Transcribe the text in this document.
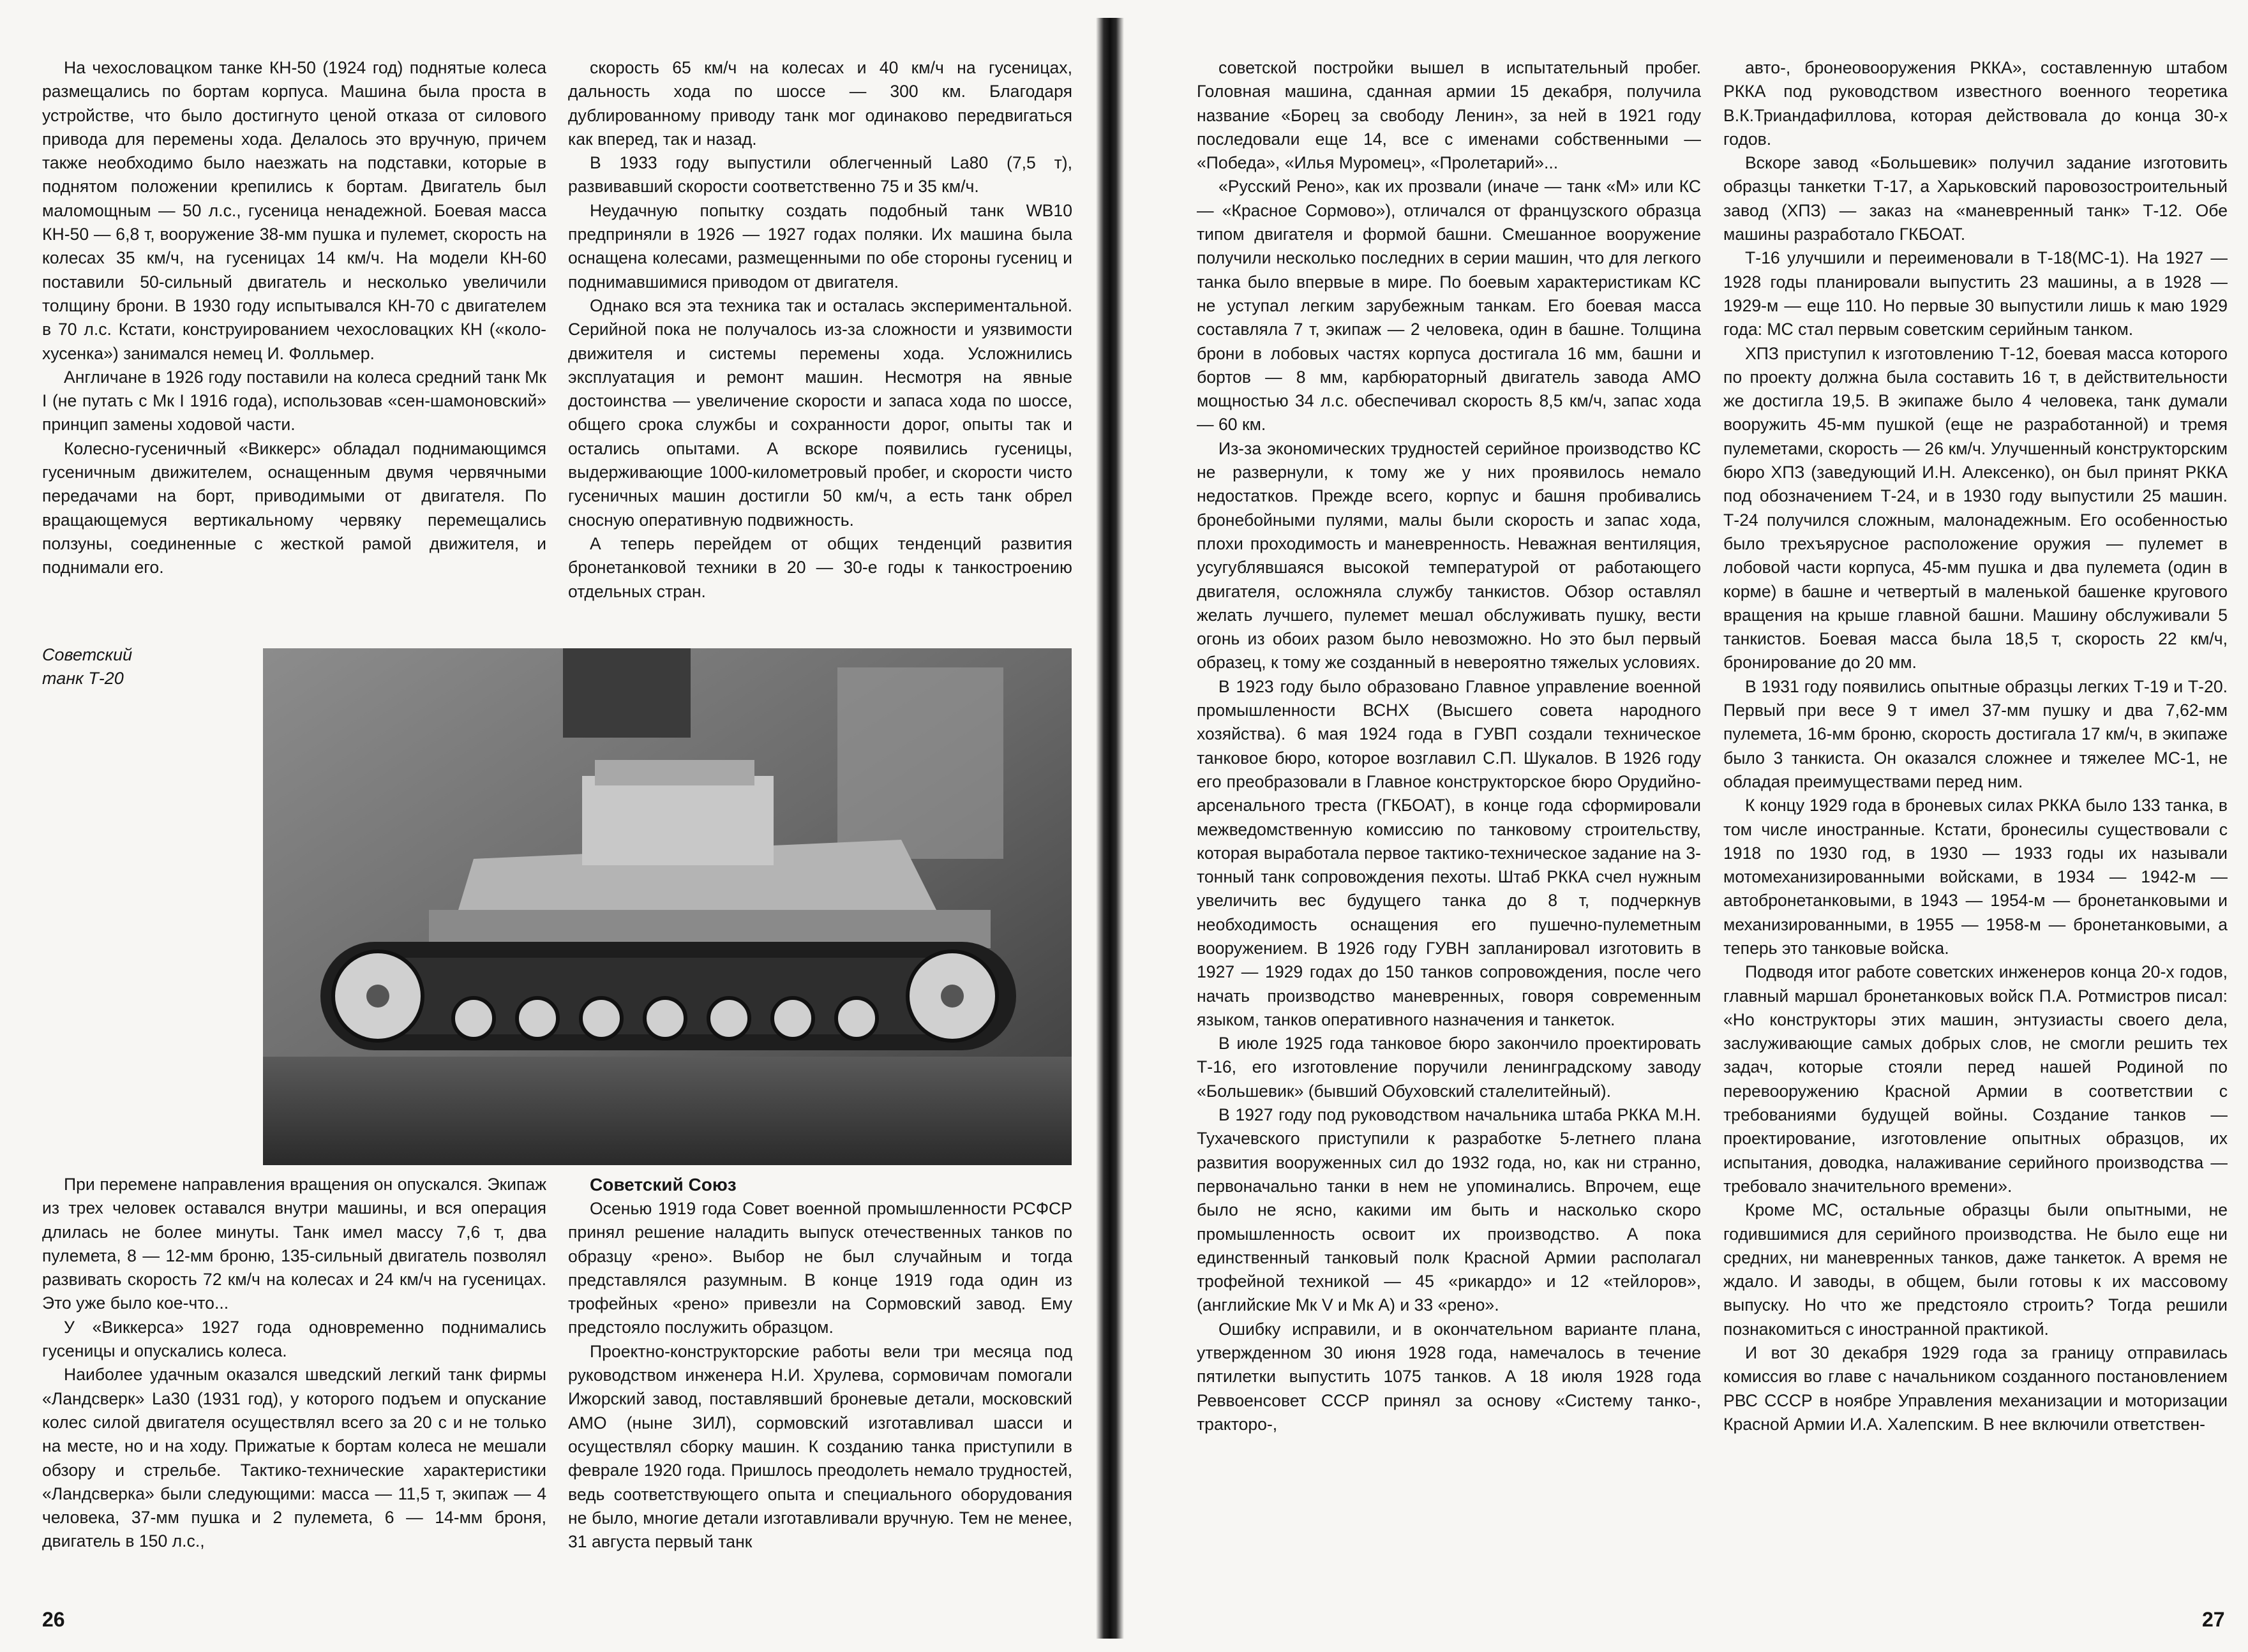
На чехословацком танке КН-50 (1924 год) поднятые колеса размещались по бортам корпуса. Машина была проста в устройстве, что было достигнуто ценой отказа от силового привода для перемены хода. Делалось это вручную, причем также необходимо было наезжать на подставки, которые в поднятом положении крепились к бортам. Двигатель был маломощным — 50 л.с., гусеница ненадежной. Боевая масса КН-50 — 6,8 т, вооружение 38-мм пушка и пулемет, скорость на колесах 35 км/ч, на гусеницах 14 км/ч. На модели КН-60 поставили 50-сильный двигатель и несколько увеличили толщину брони. В 1930 году испытывался КН-70 с двигателем в 70 л.с. Кстати, конструированием чехословацких КН («коло-хусенка») занимался немец И. Фолльмер.

Англичане в 1926 году поставили на колеса средний танк Мк I (не путать с Мк I 1916 года), использовав «сен-шамоновский» принцип замены ходовой части.

Колесно-гусеничный «Виккерс» обладал поднимающимся гусеничным движителем, оснащенным двумя червячными передачами на борт, приводимыми от двигателя. По вращающемуся вертикальному червяку перемещались ползуны, соединенные с жесткой рамой движителя, и поднимали его.

скорость 65 км/ч на колесах и 40 км/ч на гусеницах, дальность хода по шоссе — 300 км. Благодаря дублированному приводу танк мог одинаково передвигаться как вперед, так и назад.

В 1933 году выпустили облегченный La80 (7,5 т), развивавший скорости соответственно 75 и 35 км/ч.

Неудачную попытку создать подобный танк WB10 предприняли в 1926 — 1927 годах поляки. Их машина была оснащена колесами, размещенными по обе стороны гусениц и поднимавшимися приводом от двигателя.

Однако вся эта техника так и осталась экспериментальной. Серийной пока не получалось из-за сложности и уязвимости движителя и системы перемены хода. Усложнились эксплуатация и ремонт машин. Несмотря на явные достоинства — увеличение скорости и запаса хода по шоссе, общего срока службы и сохранности дорог, опыты так и остались опытами. А вскоре появились гусеницы, выдерживающие 1000-километровый пробег, и скорости чисто гусеничных машин достигли 50 км/ч, а есть танк обрел сносную оперативную подвижность.

А теперь перейдем от общих тенденций развития бронетанковой техники в 20 — 30-е годы к танкостроению отдельных стран.

Советский танк Т-20

При перемене направления вращения он опускался. Экипаж из трех человек оставался внутри машины, и вся операция длилась не более минуты. Танк имел массу 7,6 т, два пулемета, 8 — 12-мм броню, 135-сильный двигатель позволял развивать скорость 72 км/ч на колесах и 24 км/ч на гусеницах. Это уже было кое-что...

У «Виккерса» 1927 года одновременно поднимались гусеницы и опускались колеса.

Наиболее удачным оказался шведский легкий танк фирмы «Ландсверк» La30 (1931 год), у которого подъем и опускание колес силой двигателя осуществлял всего за 20 с и не только на месте, но и на ходу. Прижатые к бортам колеса не мешали обзору и стрельбе. Тактико-технические характеристики «Ландсверка» были следующими: масса — 11,5 т, экипаж — 4 человека, 37-мм пушка и 2 пулемета, 6 — 14-мм броня, двигатель в 150 л.с.,

Советский Союз

Осенью 1919 года Совет военной промышленности РСФСР принял решение наладить выпуск отечественных танков по образцу «рено». Выбор не был случайным и тогда представлялся разумным. В конце 1919 года один из трофейных «рено» привезли на Сормовский завод. Ему предстояло послужить образцом.

Проектно-конструкторские работы вели три месяца под руководством инженера Н.И. Хрулева, сормовичам помогали Ижорский завод, поставлявший броневые детали, московский АМО (ныне ЗИЛ), сормовский изготавливал шасси и осуществлял сборку машин. К созданию танка приступили в феврале 1920 года. Пришлось преодолеть немало трудностей, ведь соответствующего опыта и специального оборудования не было, многие детали изготавливали вручную. Тем не менее, 31 августа первый танк

26

советской постройки вышел в испытательный пробег. Головная машина, сданная армии 15 декабря, получила название «Борец за свободу Ленин», за ней в 1921 году последовали еще 14, все с именами собственными — «Победа», «Илья Муромец», «Пролетарий»...

«Русский Рено», как их прозвали (иначе — танк «М» или КС — «Красное Сормово»), отличался от французского образца типом двигателя и формой башни. Смешанное вооружение получили несколько последних в серии машин, что для легкого танка было впервые в мире. По боевым характеристикам КС не уступал легким зарубежным танкам. Его боевая масса составляла 7 т, экипаж — 2 человека, один в башне. Толщина брони в лобовых частях корпуса достигала 16 мм, башни и бортов — 8 мм, карбюраторный двигатель завода АМО мощностью 34 л.с. обеспечивал скорость 8,5 км/ч, запас хода — 60 км.

Из-за экономических трудностей серийное производство КС не развернули, к тому же у них проявилось немало недостатков. Прежде всего, корпус и башня пробивались бронебойными пулями, малы были скорость и запас хода, плохи проходимость и маневренность. Неважная вентиляция, усугублявшаяся высокой температурой от работающего двигателя, осложняла службу танкистов. Обзор оставлял желать лучшего, пулемет мешал обслуживать пушку, вести огонь из обоих разом было невозможно. Но это был первый образец, к тому же созданный в невероятно тяжелых условиях.

В 1923 году было образовано Главное управление военной промышленности ВСНХ (Высшего совета народного хозяйства). 6 мая 1924 года в ГУВП создали техническое танковое бюро, которое возглавил С.П. Шукалов. В 1926 году его преобразовали в Главное конструкторское бюро Орудийно-арсенального треста (ГКБОАТ), в конце года сформировали межведомственную комиссию по танковому строительству, которая выработала первое тактико-техническое задание на 3-тонный танк сопровождения пехоты. Штаб РККА счел нужным увеличить вес будущего танка до 8 т, подчеркнув необходимость оснащения его пушечно-пулеметным вооружением. В 1926 году ГУВН запланировал изготовить в 1927 — 1929 годах до 150 танков сопровождения, после чего начать производство маневренных, говоря современным языком, танков оперативного назначения и танкеток.

В июле 1925 года танковое бюро закончило проектировать Т-16, его изготовление поручили ленинградскому заводу «Большевик» (бывший Обуховский сталелитейный).

В 1927 году под руководством начальника штаба РККА М.Н. Тухачевского приступили к разработке 5-летнего плана развития вооруженных сил до 1932 года, но, как ни странно, первоначально танки в нем не упоминались. Впрочем, еще было не ясно, какими им быть и насколько скоро промышленность освоит их производство. А пока единственный танковый полк Красной Армии располагал трофейной техникой — 45 «рикардо» и 12 «тейлоров», (английские Мк V и Мк А) и 33 «рено».

Ошибку исправили, и в окончательном варианте плана, утвержденном 30 июня 1928 года, намечалось в течение пятилетки выпустить 1075 танков. А 18 июля 1928 года Реввоенсовет СССР принял за основу «Систему танко-, тракторо-,

авто-, бронеовооружения РККА», составленную штабом РККА под руководством известного военного теоретика В.К.Триандафиллова, которая действовала до конца 30-х годов.

Вскоре завод «Большевик» получил задание изготовить образцы танкетки Т-17, а Харьковский паровозостроительный завод (ХПЗ) — заказ на «маневренный танк» Т-12. Обе машины разработало ГКБОАТ.

Т-16 улучшили и переименовали в Т-18(МС-1). На 1927 — 1928 годы планировали выпустить 23 машины, а в 1928 — 1929-м — еще 110. Но первые 30 выпустили лишь к маю 1929 года: МС стал первым советским серийным танком.

ХПЗ приступил к изготовлению Т-12, боевая масса которого по проекту должна была составить 16 т, в действительности же достигла 19,5. В экипаже было 4 человека, танк думали вооружить 45-мм пушкой (еще не разработанной) и тремя пулеметами, скорость — 26 км/ч. Улучшенный конструкторским бюро ХПЗ (заведующий И.Н. Алексенко), он был принят РККА под обозначением Т-24, и в 1930 году выпустили 25 машин. Т-24 получился сложным, малонадежным. Его особенностью было трехъярусное расположение оружия — пулемет в лобовой части корпуса, 45-мм пушка и два пулемета (один в корме) в башне и четвертый в маленькой башенке кругового вращения на крыше главной башни. Машину обслуживали 5 танкистов. Боевая масса была 18,5 т, скорость 22 км/ч, бронирование до 20 мм.

В 1931 году появились опытные образцы легких Т-19 и Т-20. Первый при весе 9 т имел 37-мм пушку и два 7,62-мм пулемета, 16-мм броню, скорость достигала 17 км/ч, в экипаже было 3 танкиста. Он оказался сложнее и тяжелее МС-1, не обладая преимуществами перед ним.

К концу 1929 года в броневых силах РККА было 133 танка, в том числе иностранные. Кстати, бронесилы существовали с 1918 по 1930 год, в 1930 — 1933 годы их называли мотомеханизированными войсками, в 1934 — 1942-м — автобронетанковыми, в 1943 — 1954-м — бронетанковыми и механизированными, в 1955 — 1958-м — бронетанковыми, а теперь это танковые войска.

Подводя итог работе советских инженеров конца 20-х годов, главный маршал бронетанковых войск П.А. Ротмистров писал: «Но конструкторы этих машин, энтузиасты своего дела, заслуживающие самых добрых слов, не смогли решить тех задач, которые стояли перед нашей Родиной по перевооружению Красной Армии в соответствии с требованиями будущей войны. Создание танков — проектирование, изготовление опытных образцов, их испытания, доводка, налаживание серийного производства — требовало значительного времени».

Кроме МС, остальные образцы были опытными, не годившимися для серийного производства. Не было еще ни средних, ни маневренных танков, даже танкеток. А время не ждало. И заводы, в общем, были готовы к их массовому выпуску. Но что же предстояло строить? Тогда решили познакомиться с иностранной практикой.

И вот 30 декабря 1929 года за границу отправилась комиссия во главе с начальником созданного постановлением РВС СССР в ноябре Управления механизации и моторизации Красной Армии И.А. Халепским. В нее включили ответствен-

27
